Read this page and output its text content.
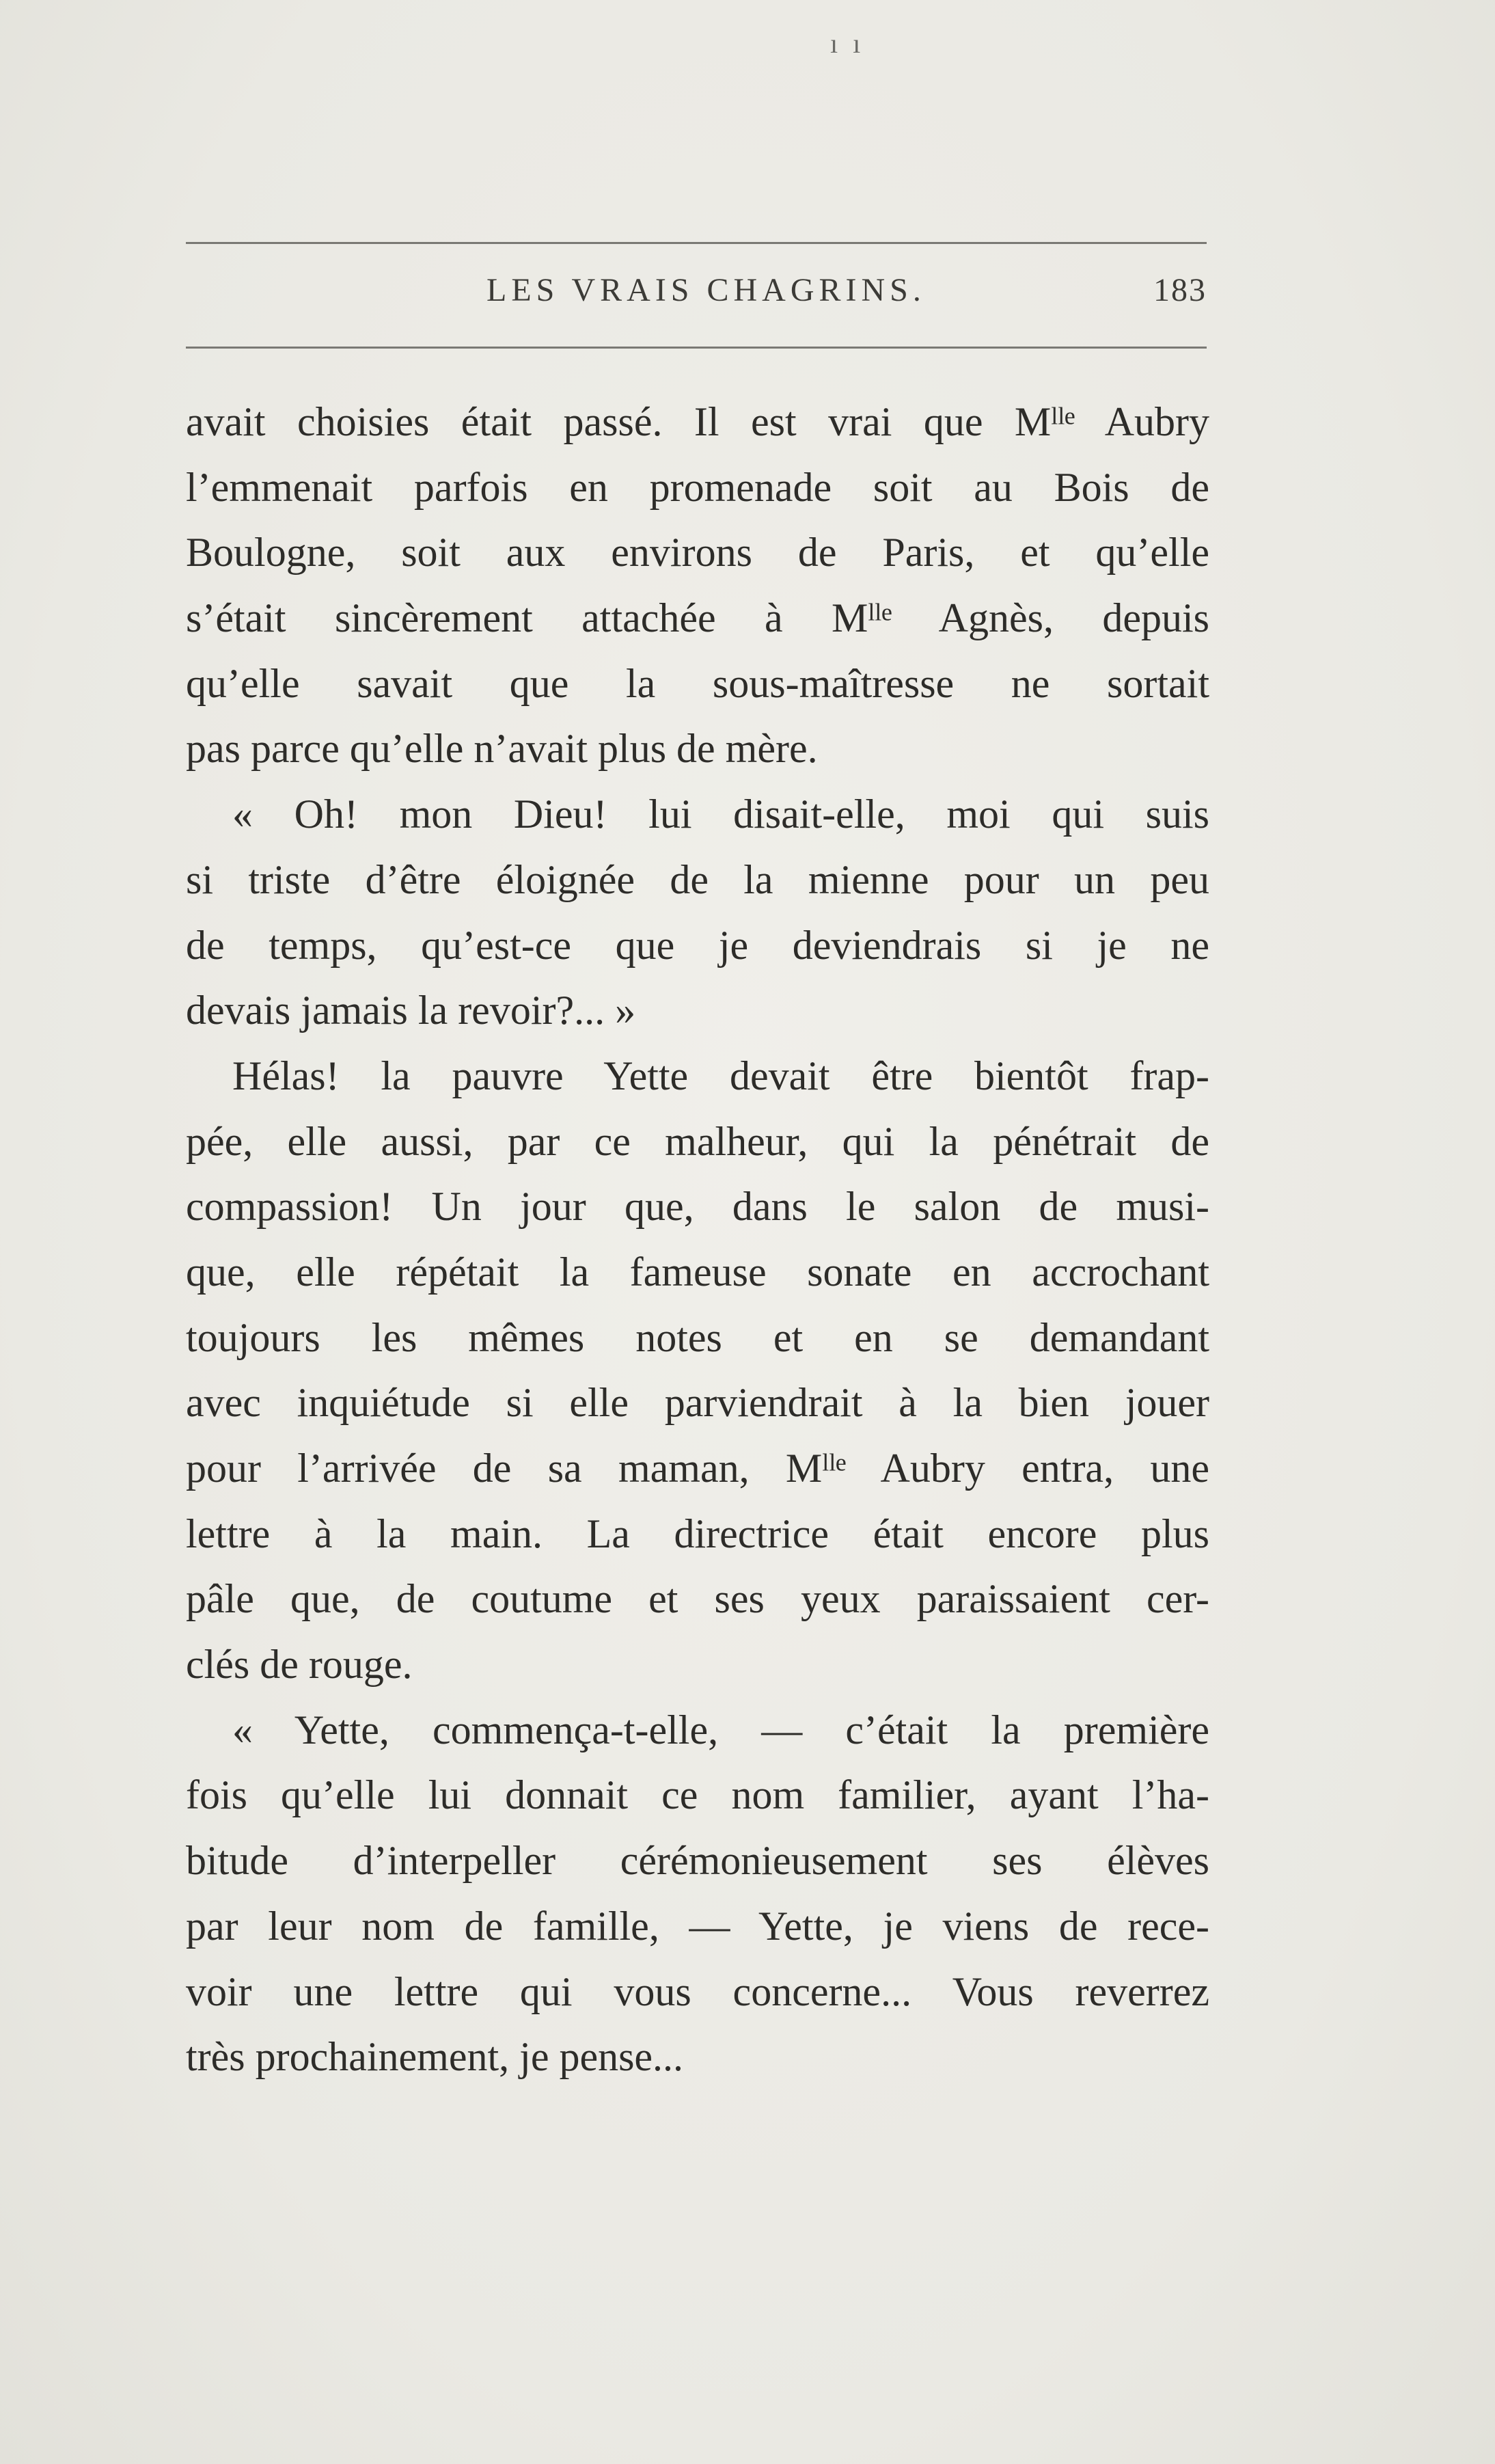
ı ı
LES VRAIS CHAGRINS.	183
avait choisies était passé. Il est vrai que Mˡˡᵉ Aubry
l’emmenait parfois en promenade soit au Bois de
Boulogne, soit aux environs de Paris, et qu’elle
s’était sincèrement attachée à Mˡˡᵉ Agnès, depuis
qu’elle savait que la sous-maîtresse ne sortait
pas parce qu’elle n’avait plus de mère.
« Oh! mon Dieu! lui disait-elle, moi qui suis
si triste d’être éloignée de la mienne pour un peu
de temps, qu’est-ce que je deviendrais si je ne
devais jamais la revoir?... »
Hélas! la pauvre Yette devait être bientôt frap-
pée, elle aussi, par ce malheur, qui la pénétrait de
compassion! Un jour que, dans le salon de musi-
que, elle répétait la fameuse sonate en accrochant
toujours les mêmes notes et en se demandant
avec inquiétude si elle parviendrait à la bien jouer
pour l’arrivée de sa maman, Mˡˡᵉ Aubry entra, une
lettre à la main. La directrice était encore plus
pâle que, de coutume et ses yeux paraissaient cer-
clés de rouge.
« Yette, commença-t-elle, — c’était la première
fois qu’elle lui donnait ce nom familier, ayant l’ha-
bitude d’interpeller cérémonieusement ses élèves
par leur nom de famille, — Yette, je viens de rece-
voir une lettre qui vous concerne... Vous reverrez
très prochainement, je pense...
